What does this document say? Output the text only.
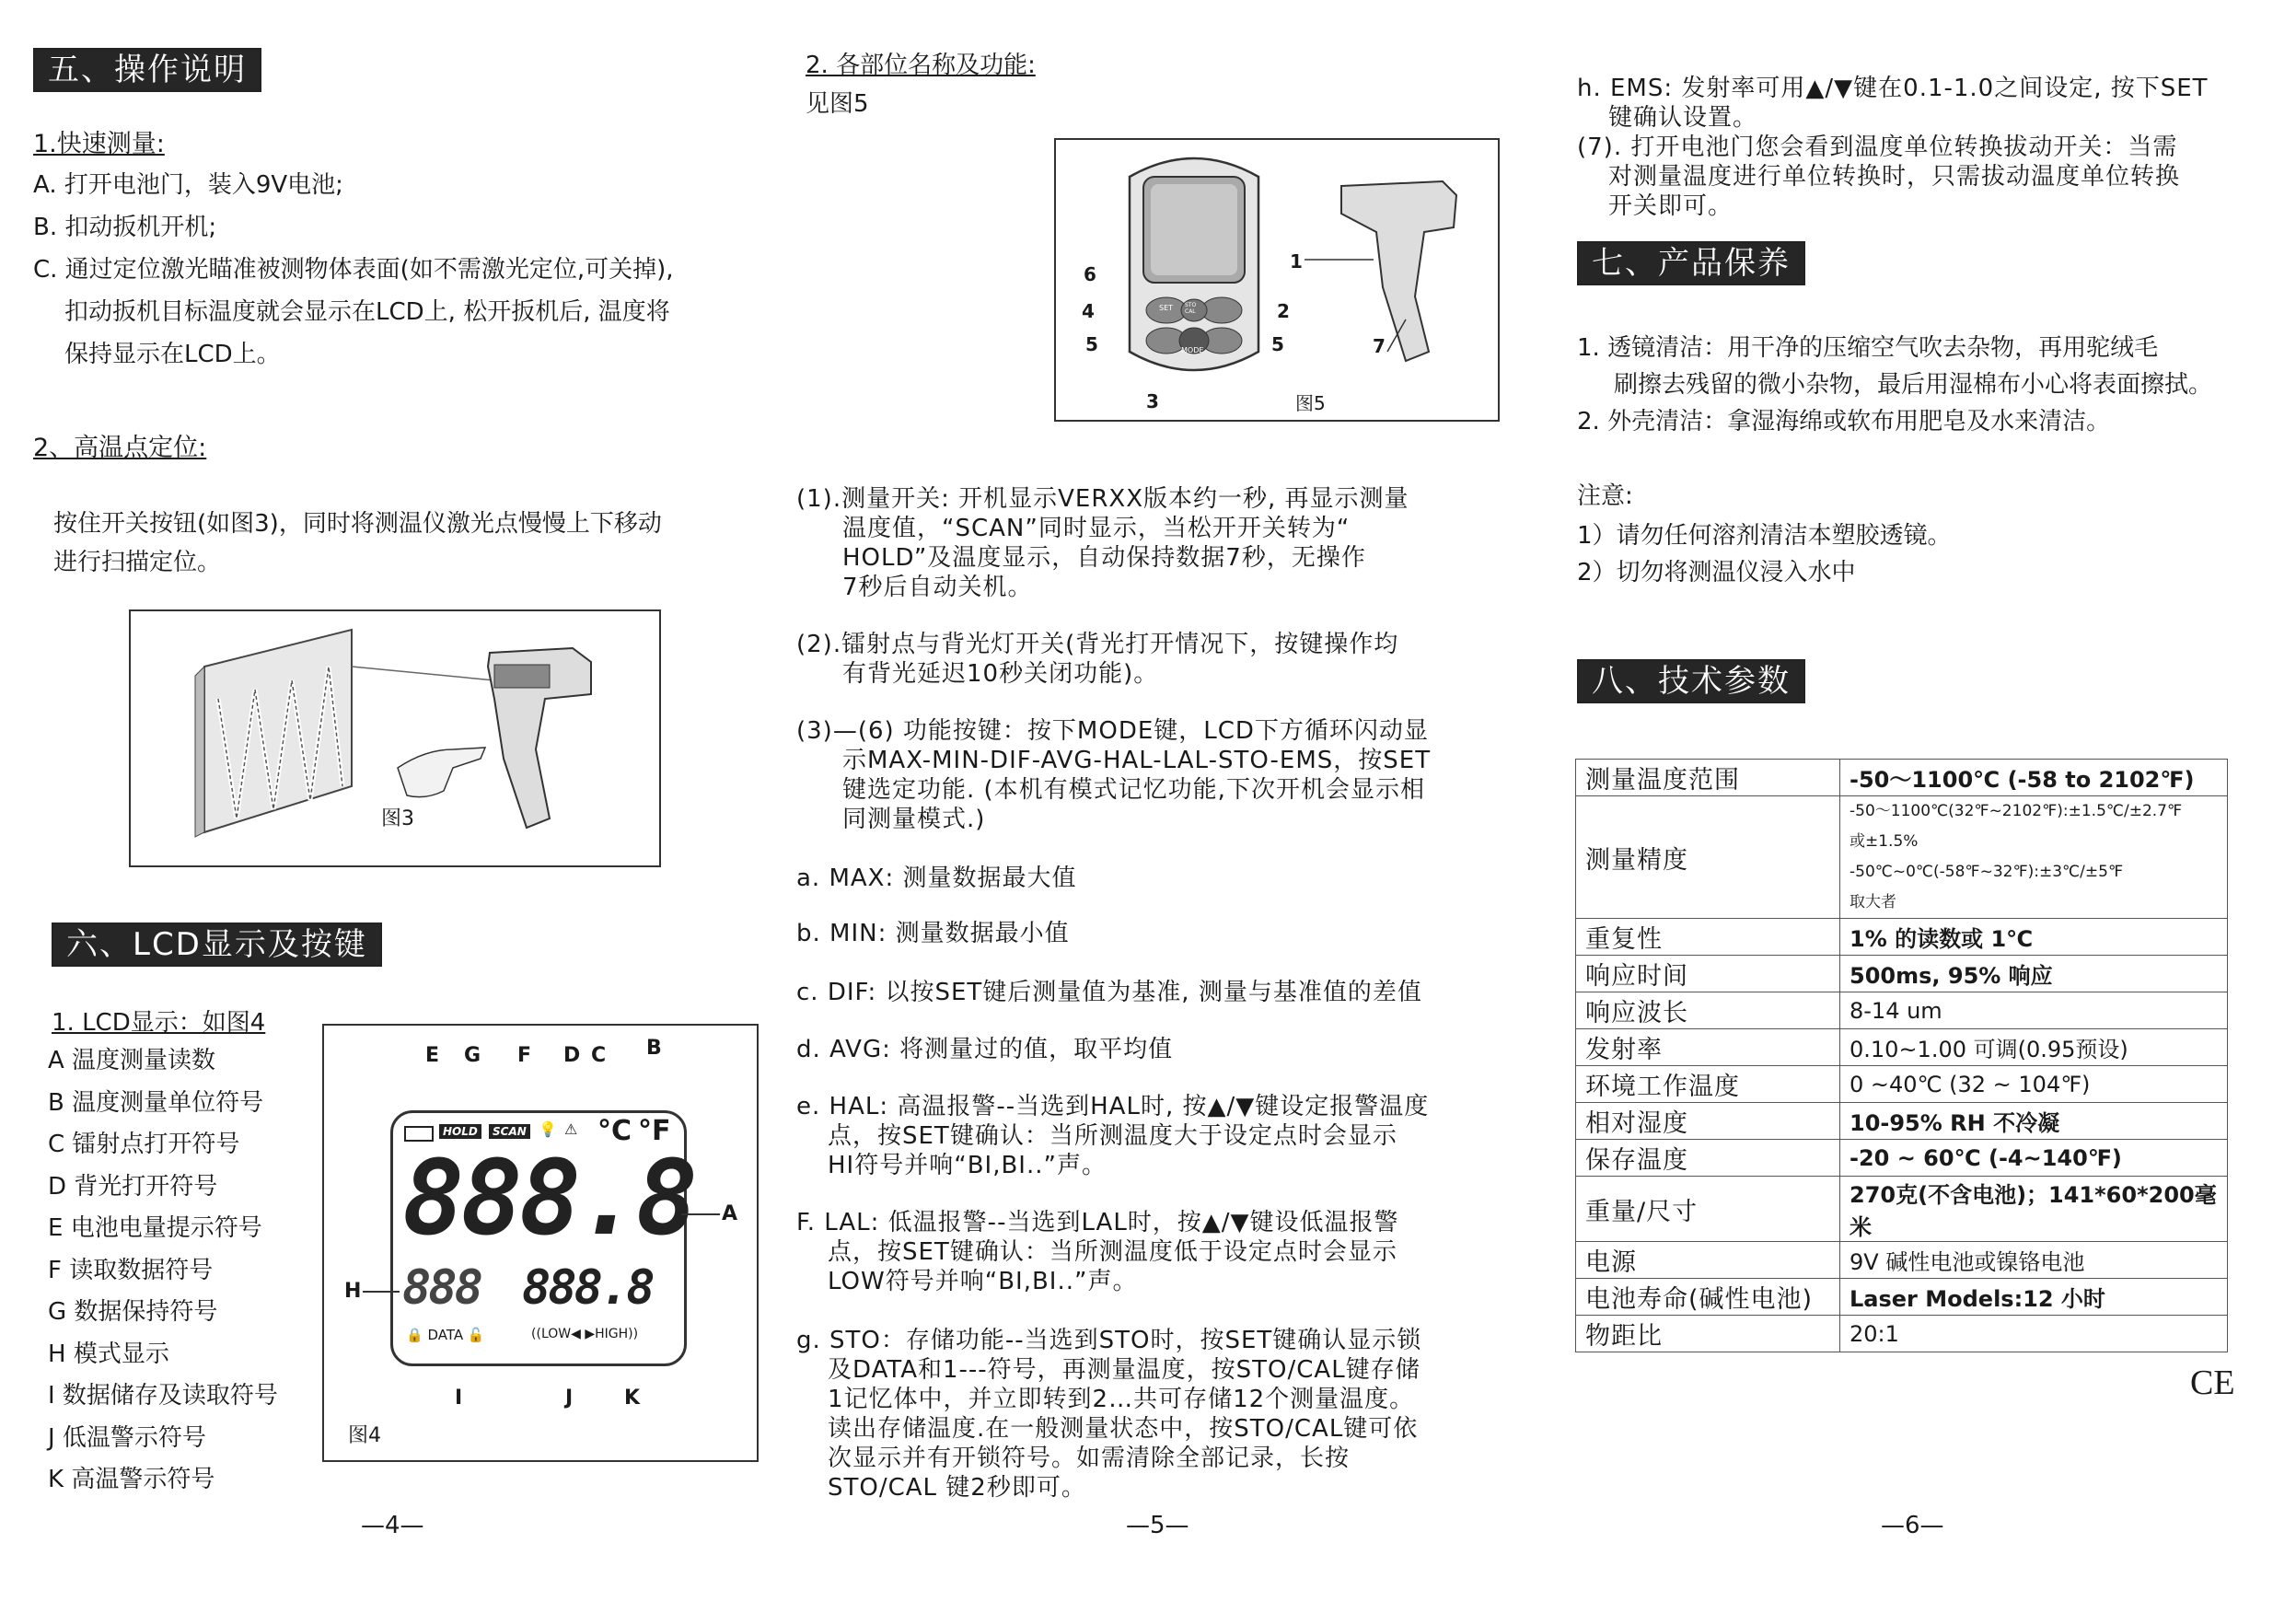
五、操作说明
1.快速测量:
A. 打开电池门，装入9V电池;
B. 扣动扳机开机;
C. 通过定位激光瞄准被测物体表面(如不需激光定位,可关掉),
扣动扳机目标温度就会显示在LCD上, 松开扳机后, 温度将
保持显示在LCD上。
2、高温点定位:
按住开关按钮(如图3)，同时将测温仪激光点慢慢上下移动
进行扫描定位。
图3
六、LCD显示及按键
1. LCD显示：如图4
A 温度测量读数
B 温度测量单位符号
C 镭射点打开符号
D 背光打开符号
E 电池电量提示符号
F 读取数据符号
G 数据保持符号
H 模式显示
I 数据储存及读取符号
J 低温警示符号
K 高温警示符号
E G F D C B
HOLD	SCAN 💡 ⚠ °C °F
888.8
888 888.8
🔒 DATA 🔓	((LOW◀ ▶HIGH))
A
H
I	J	K
图4
—4—
2. 各部位名称及功能:
见图5
SET
MODE
STO CAL
6
4	2
5	5
3
1
7
图5
(1).测量开关: 开机显示VERXX版本约一秒, 再显示测量
温度值，“SCAN”同时显示，当松开开关转为“
HOLD”及温度显示，自动保持数据7秒，无操作
7秒后自动关机。
(2).镭射点与背光灯开关(背光打开情况下，按键操作均
有背光延迟10秒关闭功能)。
(3)—(6) 功能按键：按下MODE键，LCD下方循环闪动显
示MAX-MIN-DIF-AVG-HAL-LAL-STO-EMS，按SET
键选定功能. (本机有模式记忆功能,下次开机会显示相
同测量模式.)
a. MAX: 测量数据最大值
b. MIN: 测量数据最小值
c. DIF: 以按SET键后测量值为基准, 测量与基准值的差值
d. AVG: 将测量过的值，取平均值
e. HAL: 高温报警--当选到HAL时, 按▲/▼键设定报警温度
点，按SET键确认：当所测温度大于设定点时会显示
HI符号并响“BI,BI..”声。
F. LAL: 低温报警--当选到LAL时，按▲/▼键设低温报警
点，按SET键确认：当所测温度低于设定点时会显示
LOW符号并响“BI,BI..”声。
g. STO：存储功能--当选到STO时，按SET键确认显示锁
及DATA和1---符号，再测量温度，按STO/CAL键存储
1记忆体中，并立即转到2…共可存储12个测量温度。
读出存储温度.在一般测量状态中，按STO/CAL键可依
次显示并有开锁符号。如需清除全部记录，长按
STO/CAL 键2秒即可。
—5—
h. EMS: 发射率可用▲/▼键在0.1-1.0之间设定, 按下SET
键确认设置。
(7). 打开电池门您会看到温度单位转换拔动开关：当需
对测量温度进行单位转换时，只需拔动温度单位转换
开关即可。
七、产品保养
1. 透镜清洁：用干净的压缩空气吹去杂物，再用驼绒毛
刷擦去残留的微小杂物，最后用湿棉布小心将表面擦拭。
2. 外壳清洁：拿湿海绵或软布用肥皂及水来清洁。
注意:
1）请勿任何溶剂清洁本塑胶透镜。
2）切勿将测温仪浸入水中
八、技术参数
测量温度范围	-50～1100℃ (-58 to 2102℉)

测量精度	-50～1100℃(32℉~2102℉):±1.5℃/±2.7℉
或±1.5%
-50℃~0℃(-58℉~32℉):±3℃/±5℉
取大者

重复性	1% 的读数或 1℃

响应时间	500ms, 95% 响应

响应波长	8-14 um

发射率	0.10~1.00 可调(0.95预设)

环境工作温度	0 ~40℃ (32 ~ 104℉)

相对湿度	10-95% RH 不冷凝

保存温度	-20 ~ 60℃ (-4~140℉)

重量/尺寸	270克(不含电池)；141*60*200毫米

电源	9V 碱性电池或镍铬电池

电池寿命(碱性电池)	Laser Models:12 小时

物距比	20:1
CE
—6—
